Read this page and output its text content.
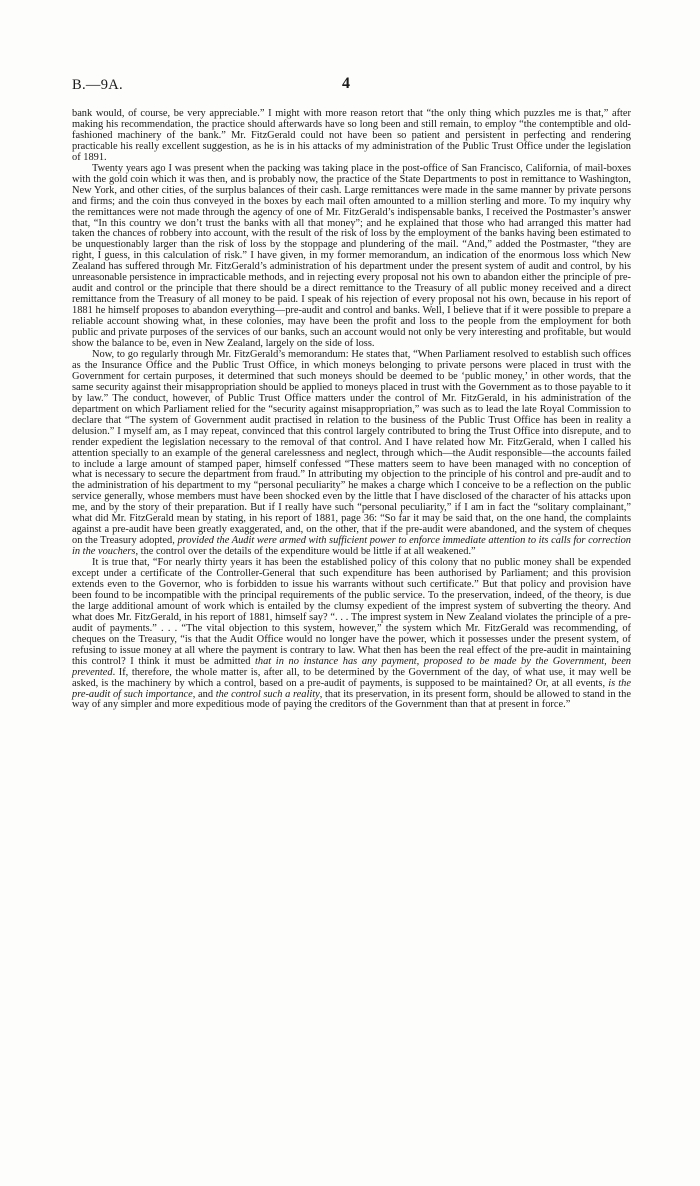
B.—9A.	4

bank would, of course, be very appreciable.” I might with more reason retort that “the only thing which puzzles me is that,” after making his recommendation, the practice should afterwards have so long been and still remain, to employ “the contemptible and old-fashioned machinery of the bank.” Mr. FitzGerald could not have been so patient and persistent in perfecting and rendering practicable his really excellent suggestion, as he is in his attacks of my administration of the Public Trust Office under the legislation of 1891.

Twenty years ago I was present when the packing was taking place in the post-office of San Francisco, California, of mail-boxes with the gold coin which it was then, and is probably now, the practice of the State Departments to post in remittance to Washington, New York, and other cities, of the surplus balances of their cash. Large remittances were made in the same manner by private persons and firms; and the coin thus conveyed in the boxes by each mail often amounted to a million sterling and more. To my inquiry why the remittances were not made through the agency of one of Mr. FitzGerald’s indispensable banks, I received the Postmaster’s answer that, “In this country we don’t trust the banks with all that money”; and he explained that those who had arranged this matter had taken the chances of robbery into account, with the result of the risk of loss by the employment of the banks having been estimated to be unquestionably larger than the risk of loss by the stoppage and plundering of the mail. “And,” added the Postmaster, “they are right, I guess, in this calculation of risk.” I have given, in my former memorandum, an indication of the enormous loss which New Zealand has suffered through Mr. FitzGerald’s administration of his department under the present system of audit and control, by his unreasonable persistence in impracticable methods, and in rejecting every proposal not his own to abandon either the principle of pre-audit and control or the principle that there should be a direct remittance to the Treasury of all public money received and a direct remittance from the Treasury of all money to be paid. I speak of his rejection of every proposal not his own, because in his report of 1881 he himself proposes to abandon everything—pre-audit and control and banks. Well, I believe that if it were possible to prepare a reliable account showing what, in these colonies, may have been the profit and loss to the people from the employment for both public and private purposes of the services of our banks, such an account would not only be very interesting and profitable, but would show the balance to be, even in New Zealand, largely on the side of loss.

Now, to go regularly through Mr. FitzGerald’s memorandum: He states that, “When Parliament resolved to establish such offices as the Insurance Office and the Public Trust Office, in which moneys belonging to private persons were placed in trust with the Government for certain purposes, it determined that such moneys should be deemed to be ‘public money,’ in other words, that the same security against their misappropriation should be applied to moneys placed in trust with the Government as to those payable to it by law.” The conduct, however, of Public Trust Office matters under the control of Mr. FitzGerald, in his administration of the department on which Parliament relied for the “security against misappropriation,” was such as to lead the late Royal Commission to declare that “The system of Government audit practised in relation to the business of the Public Trust Office has been in reality a delusion.” I myself am, as I may repeat, convinced that this control largely contributed to bring the Trust Office into disrepute, and to render expedient the legislation necessary to the removal of that control. And I have related how Mr. FitzGerald, when I called his attention specially to an example of the general carelessness and neglect, through which—the Audit responsible—the accounts failed to include a large amount of stamped paper, himself confessed “These matters seem to have been managed with no conception of what is necessary to secure the department from fraud.” In attributing my objection to the principle of his control and pre-audit and to the administration of his department to my “personal peculiarity” he makes a charge which I conceive to be a reflection on the public service generally, whose members must have been shocked even by the little that I have disclosed of the character of his attacks upon me, and by the story of their preparation. But if I really have such “personal peculiarity,” if I am in fact the “solitary complainant,” what did Mr. FitzGerald mean by stating, in his report of 1881, page 36: “So far it may be said that, on the one hand, the complaints against a pre-audit have been greatly exaggerated, and, on the other, that if the pre-audit were abandoned, and the system of cheques on the Treasury adopted, provided the Audit were armed with sufficient power to enforce immediate attention to its calls for correction in the vouchers, the control over the details of the expenditure would be little if at all weakened.”

It is true that, “For nearly thirty years it has been the established policy of this colony that no public money shall be expended except under a certificate of the Controller-General that such expenditure has been authorised by Parliament; and this provision extends even to the Governor, who is forbidden to issue his warrants without such certificate.” But that policy and provision have been found to be incompatible with the principal requirements of the public service. To the preservation, indeed, of the theory, is due the large additional amount of work which is entailed by the clumsy expedient of the imprest system of subverting the theory. And what does Mr. FitzGerald, in his report of 1881, himself say? “. . . The imprest system in New Zealand violates the principle of a pre-audit of payments.” . . . “The vital objection to this system, however,” the system which Mr. FitzGerald was recommending, of cheques on the Treasury, “is that the Audit Office would no longer have the power, which it possesses under the present system, of refusing to issue money at all where the payment is contrary to law. What then has been the real effect of the pre-audit in maintaining this control? I think it must be admitted that in no instance has any payment, proposed to be made by the Government, been prevented. If, therefore, the whole matter is, after all, to be determined by the Government of the day, of what use, it may well be asked, is the machinery by which a control, based on a pre-audit of payments, is supposed to be maintained? Or, at all events, is the pre-audit of such importance, and the control such a reality, that its preservation, in its present form, should be allowed to stand in the way of any simpler and more expeditious mode of paying the creditors of the Government than that at present in force.”
